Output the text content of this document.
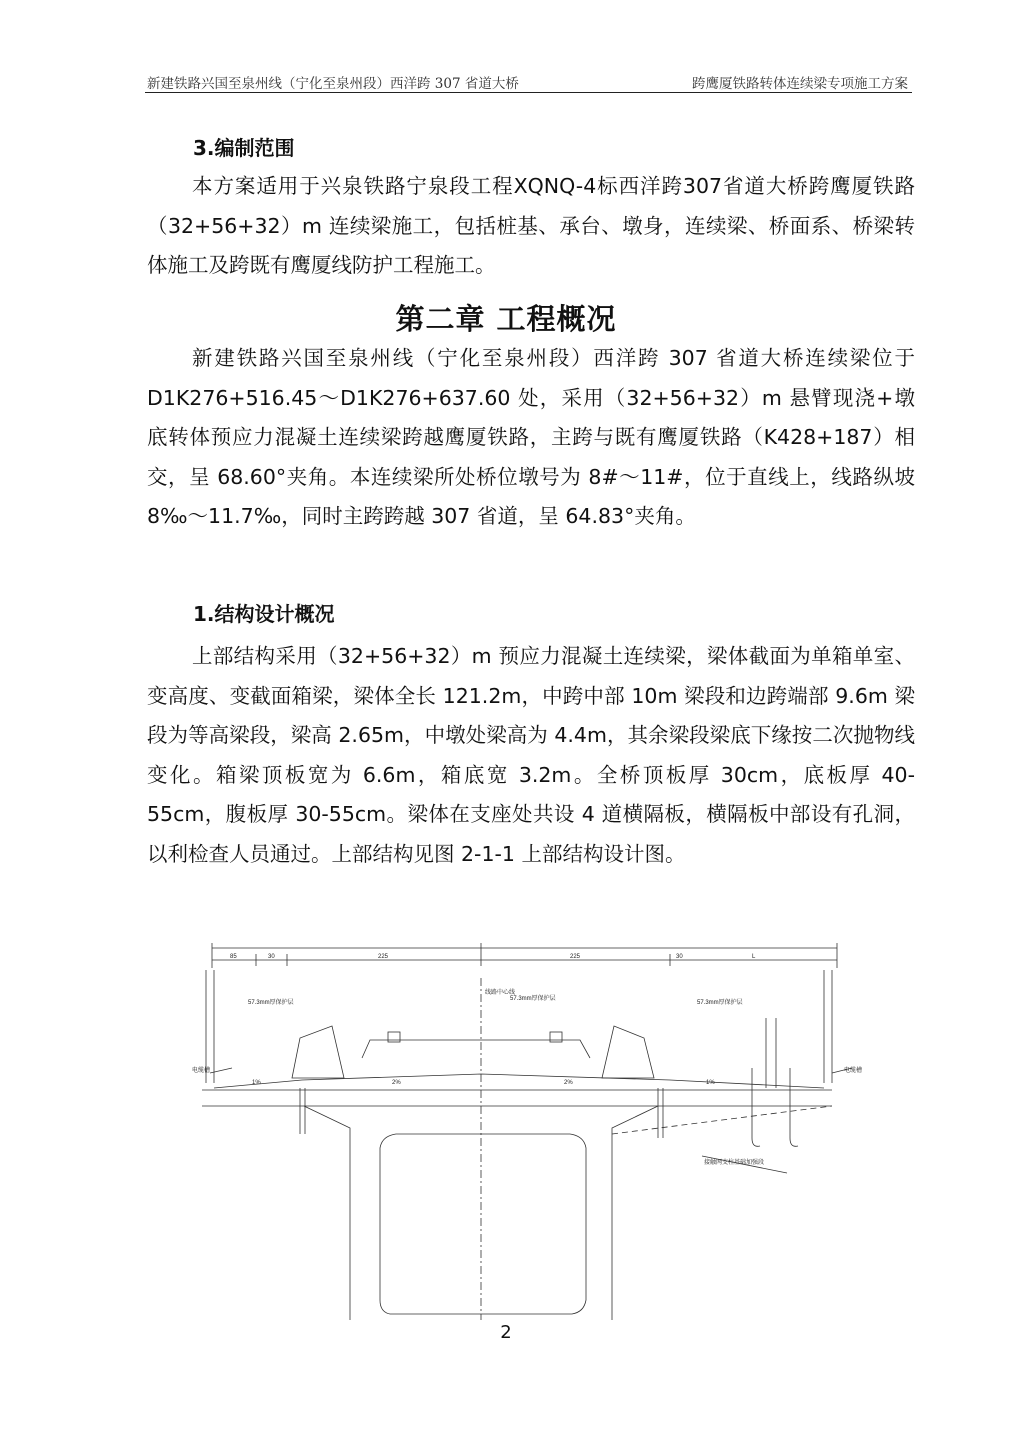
新建铁路兴国至泉州线（宁化至泉州段）西洋跨 307 省道大桥	跨鹰厦铁路转体连续梁专项施工方案
3.编制范围
本方案适用于兴泉铁路宁泉段工程XQNQ-4标西洋跨307省道大桥跨鹰厦铁路（32+56+32）m 连续梁施工，包括桩基、承台、墩身，连续梁、桥面系、桥梁转体施工及跨既有鹰厦线防护工程施工。
第二章 工程概况
新建铁路兴国至泉州线（宁化至泉州段）西洋跨 307 省道大桥连续梁位于 D1K276+516.45～D1K276+637.60 处，采用（32+56+32）m 悬臂现浇+墩底转体预应力混凝土连续梁跨越鹰厦铁路，主跨与既有鹰厦铁路（K428+187）相交，呈 68.60°夹角。本连续梁所处桥位墩号为 8#～11#，位于直线上，线路纵坡 8‰～11.7‰，同时主跨跨越 307 省道，呈 64.83°夹角。
1.结构设计概况
上部结构采用（32+56+32）m 预应力混凝土连续梁，梁体截面为单箱单室、变高度、变截面箱梁，梁体全长 121.2m，中跨中部 10m 梁段和边跨端部 9.6m 梁段为等高梁段，梁高 2.65m，中墩处梁高为 4.4m，其余梁段梁底下缘按二次抛物线变化。箱梁顶板宽为 6.6m，箱底宽 3.2m。全桥顶板厚 30cm，底板厚 40-55cm，腹板厚 30-55cm。梁体在支座处共设 4 道横隔板，横隔板中部设有孔洞，以利检查人员通过。上部结构见图 2-1-1 上部结构设计图。
85	30	225	225	30	L
57.3mm厚保护层
57.3mm厚保护层
57.3mm厚保护层
1%	2%	2%	1%
电缆槽	电缆槽
线路中心线
接触网支柱基础加强段
2
